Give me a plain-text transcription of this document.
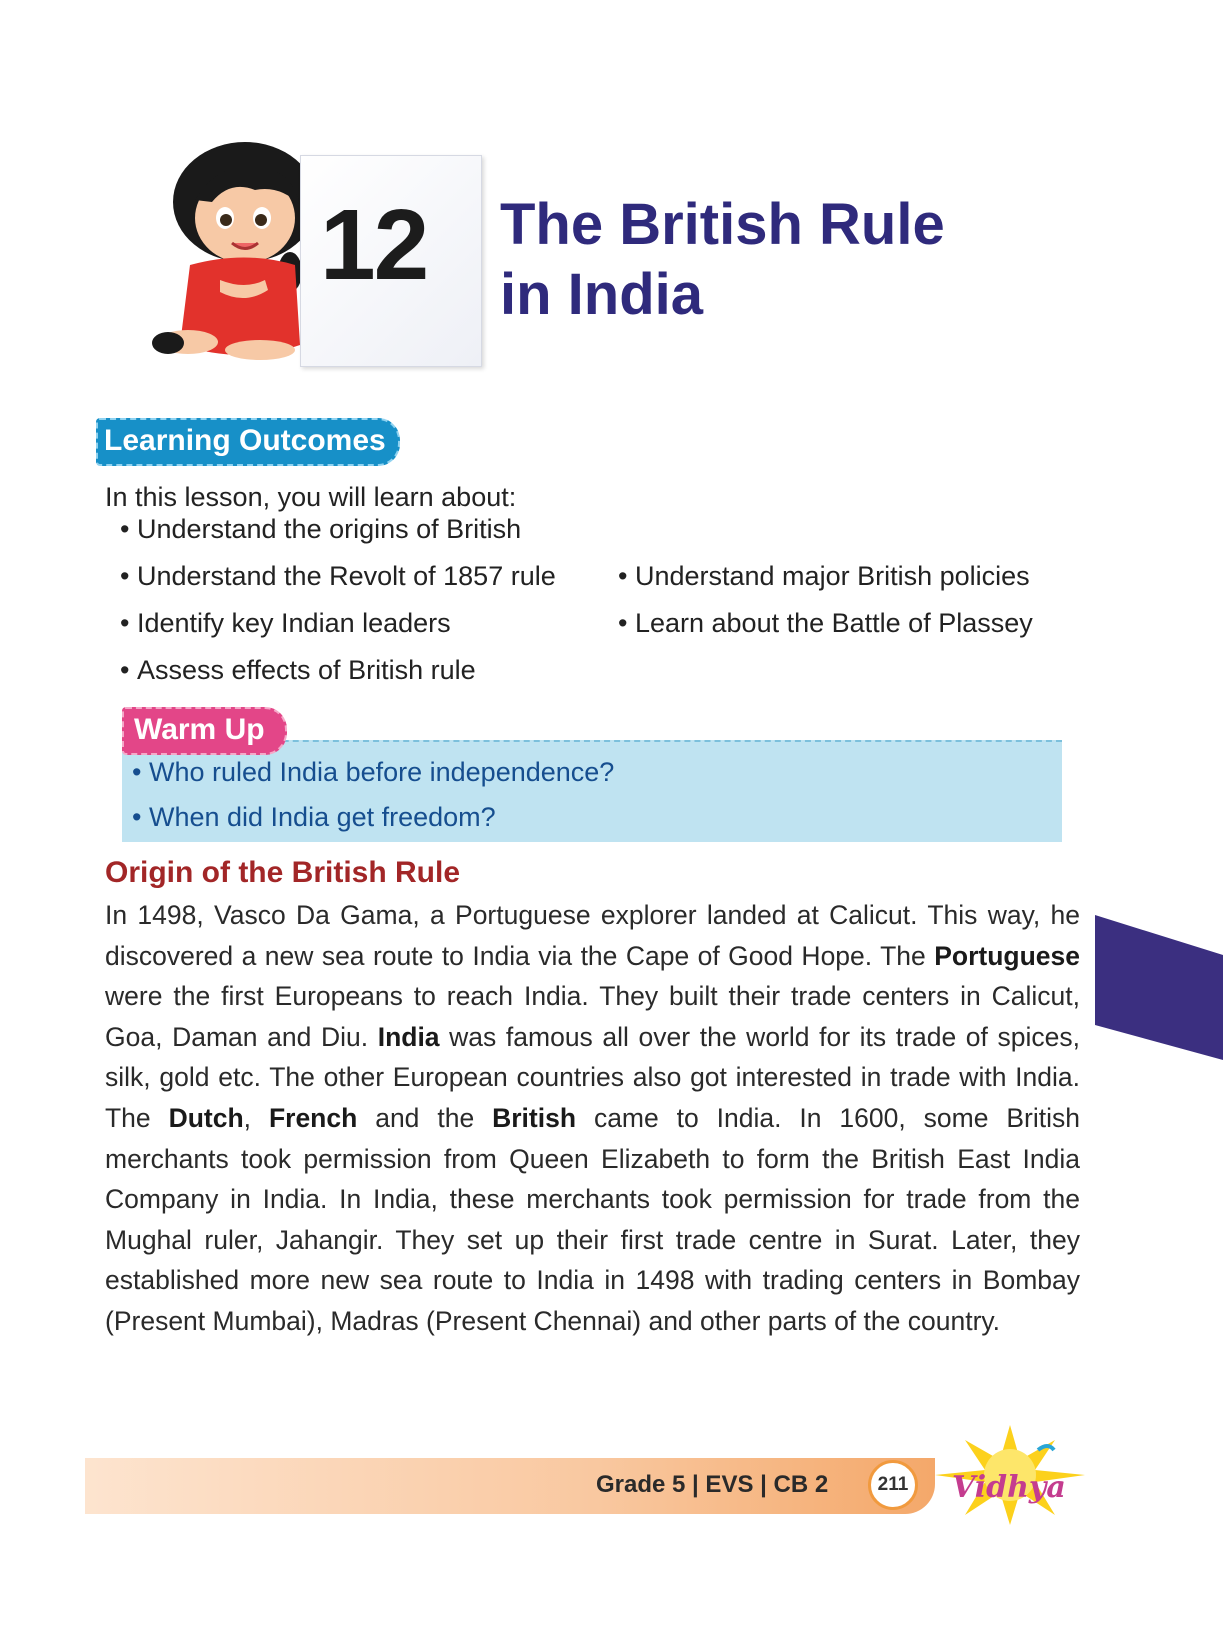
12 The British Rule
in India
Learning Outcomes
In this lesson, you will learn about:
• Understand the origins of British
• Understand the Revolt of 1857 rule
• Identify key Indian leaders
• Assess effects of British rule
• Understand major British policies
• Learn about the Battle of Plassey
Warm Up
• Who ruled India before independence?
• When did India get freedom?
Origin of the British Rule
In 1498, Vasco Da Gama, a Portuguese explorer landed at Calicut. This way, he discovered a new sea route to India via the Cape of Good Hope. The Portuguese were the first Europeans to reach India. They built their trade centers in Calicut, Goa, Daman and Diu. India was famous all over the world for its trade of spices, silk, gold etc. The other European countries also got interested in trade with India. The Dutch, French and the British came to India. In 1600, some British merchants took permission from Queen Elizabeth to form the British East India Company in India. In India, these merchants took permission for trade from the Mughal ruler, Jahangir. They set up their first trade centre in Surat. Later, they established more new sea route to India in 1498 with trading centers in Bombay (Present Mumbai), Madras (Present Chennai) and other parts of the country.
Grade 5 | EVS | CB 2	211	Vidhya
